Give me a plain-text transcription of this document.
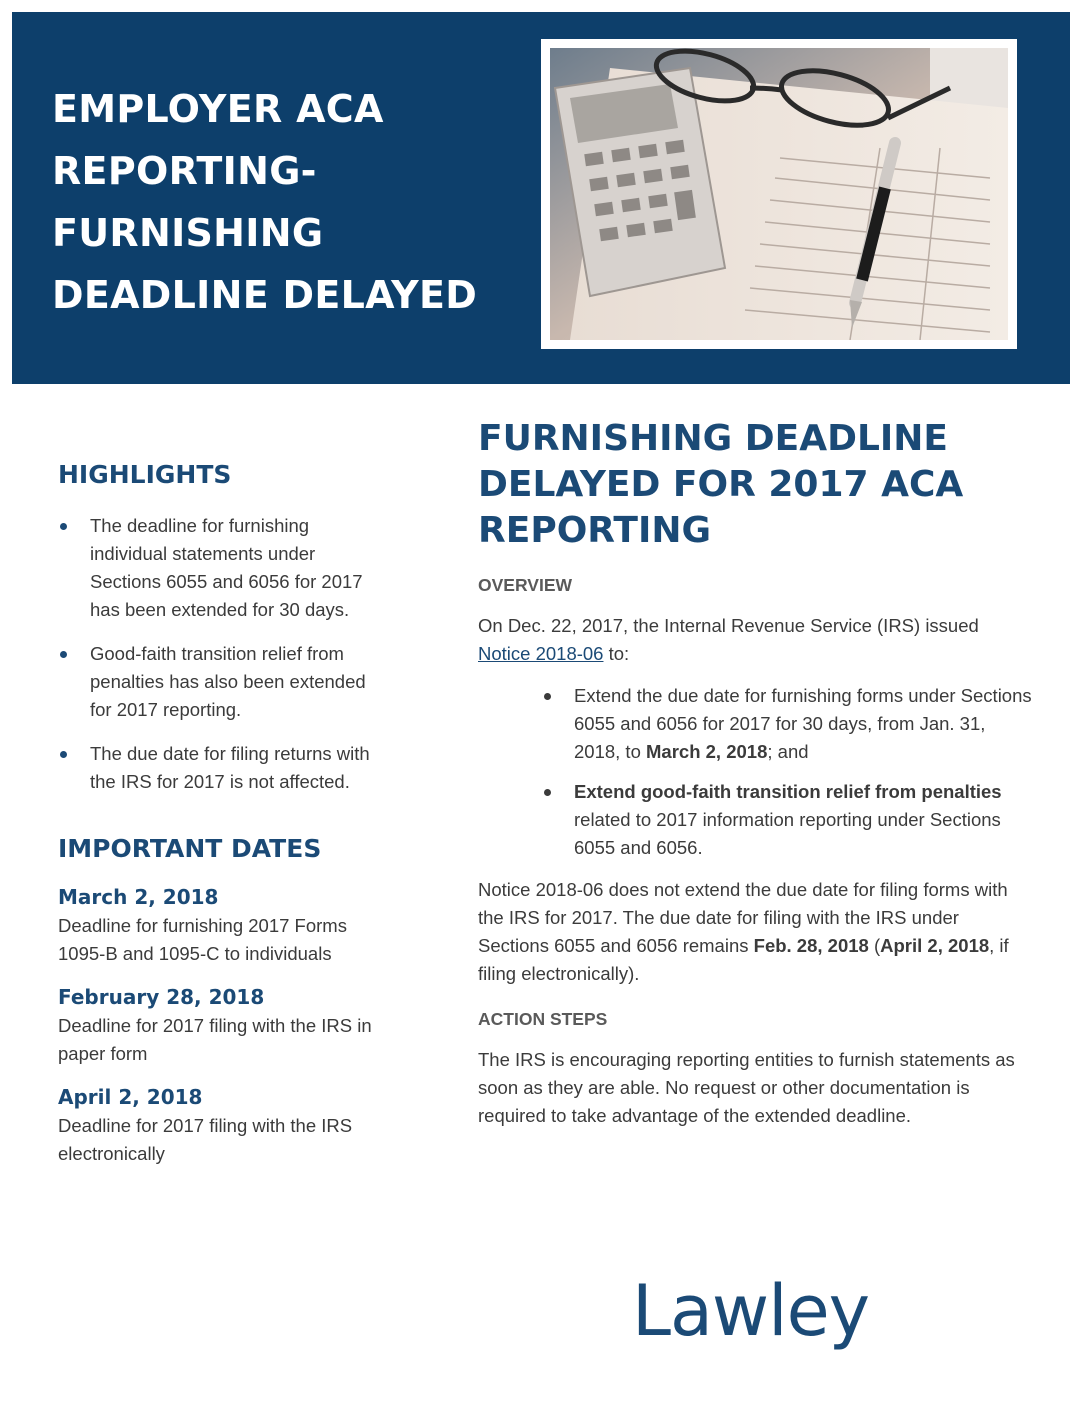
EMPLOYER ACA
REPORTING-
FURNISHING
DEADLINE DELAYED
HIGHLIGHTS
The deadline for furnishing individual statements under Sections 6055 and 6056 for 2017 has been extended for 30 days.
Good-faith transition relief from penalties has also been extended for 2017 reporting.
The due date for filing returns with the IRS for 2017 is not affected.
IMPORTANT DATES

March 2, 2018

Deadline for furnishing 2017 Forms 1095-B and 1095-C to individuals

February 28, 2018

Deadline for 2017 filing with the IRS in paper form

April 2, 2018

Deadline for 2017 filing with the IRS electronically

FURNISHING DEADLINE
DELAYED FOR 2017 ACA
REPORTING

OVERVIEW

On Dec. 22, 2017, the Internal Revenue Service (IRS) issued Notice 2018-06 to:

Extend the due date for furnishing forms under Sections 6055 and 6056 for 2017 for 30 days, from Jan. 31, 2018, to March 2, 2018; and
Extend good-faith transition relief from penalties related to 2017 information reporting under Sections 6055 and 6056.

Notice 2018-06 does not extend the due date for filing forms with the IRS for 2017. The due date for filing with the IRS under Sections 6055 and 6056 remains Feb. 28, 2018 (April 2, 2018, if filing electronically).

ACTION STEPS

The IRS is encouraging reporting entities to furnish statements as soon as they are able. No request or other documentation is required to take advantage of the extended deadline.

Lawley
